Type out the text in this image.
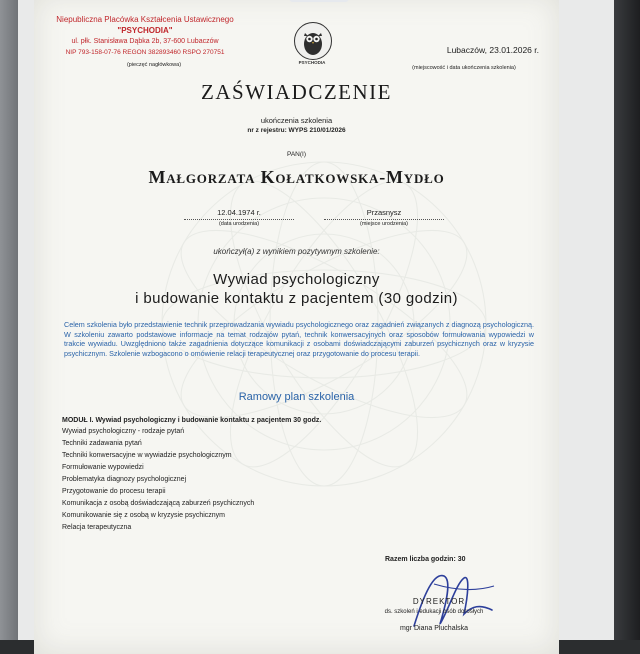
Niepubliczna Placówka Kształcenia Ustawicznego
"PSYCHODIA"
ul. płk. Stanisława Dąbka 2b, 37-600 Lubaczów
NIP 793-158-07-76 REGON 382893460 RSPO 270751
(pieczęć nagłówkowa)	PSYCHODIA
Lubaczów, 23.01.2026 r.
(miejscowość i data ukończenia szkolenia)
ZAŚWIADCZENIE
ukończenia szkolenia
nr z rejestru: WYPS 210/01/2026
PAN(I)
Małgorzata Kołatkowska-Mydło
12.04.1974 r.
(data urodzenia)
Przasnysz
(miejsce urodzenia)
ukończył(a) z wynikiem pozytywnym szkolenie:
Wywiad psychologiczny
i budowanie kontaktu z pacjentem (30 godzin)
Celem szkolenia było przedstawienie technik przeprowadzania wywiadu psychologicznego oraz zagadnień związanych z diagnozą psychologiczną. W szkoleniu zawarto podstawowe informacje na temat rodzajów pytań, technik konwersacyjnych oraz sposobów formułowania wypowiedzi w trakcie wywiadu. Uwzględniono także zagadnienia dotyczące komunikacji z osobami doświadczającymi zaburzeń psychicznych oraz w kryzysie psychicznym. Szkolenie wzbogacono o omówienie relacji terapeutycznej oraz przygotowanie do procesu terapii.
Ramowy plan szkolenia
MODUŁ I. Wywiad psychologiczny i budowanie kontaktu z pacjentem 30 godz.
Wywiad psychologiczny - rodzaje pytań
Techniki zadawania pytań
Techniki konwersacyjne w wywiadzie psychologicznym
Formułowanie wypowiedzi
Problematyka diagnozy psychologicznej
Przygotowanie do procesu terapii
Komunikacja z osobą doświadczającą zaburzeń psychicznych
Komunikowanie się z osobą w kryzysie psychicznym
Relacja terapeutyczna
Razem liczba godzin: 30
DYREKTOR
ds. szkoleń i edukacji osób dorosłych
mgr Diana Pluchalska
